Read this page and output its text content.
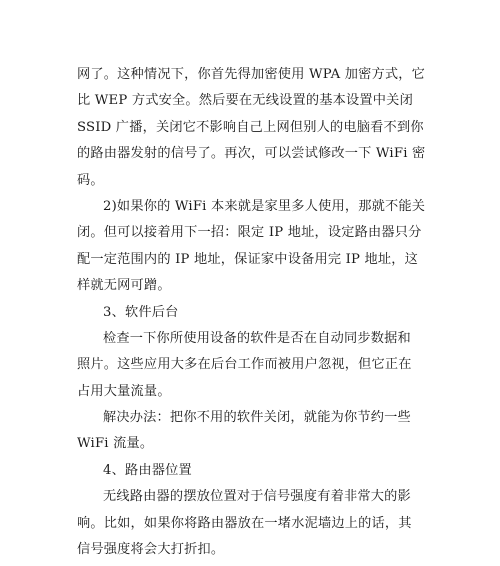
网了。这种情况下，你首先得加密使用 WPA 加密方式，它
比 WEP 方式安全。然后要在无线设置的基本设置中关闭
SSID 广播，关闭它不影响自己上网但别人的电脑看不到你
的路由器发射的信号了。再次，可以尝试修改一下 WiFi 密
码。
2)如果你的 WiFi 本来就是家里多人使用，那就不能关
闭。但可以接着用下一招：限定 IP 地址，设定路由器只分
配一定范围内的 IP 地址，保证家中设备用完 IP 地址，这
样就无网可蹭。
3、软件后台
检查一下你所使用设备的软件是否在自动同步数据和
照片。这些应用大多在后台工作而被用户忽视，但它正在
占用大量流量。
解决办法：把你不用的软件关闭，就能为你节约一些
WiFi 流量。
4、路由器位置
无线路由器的摆放位置对于信号强度有着非常大的影
响。比如，如果你将路由器放在一堵水泥墙边上的话，其
信号强度将会大打折扣。
